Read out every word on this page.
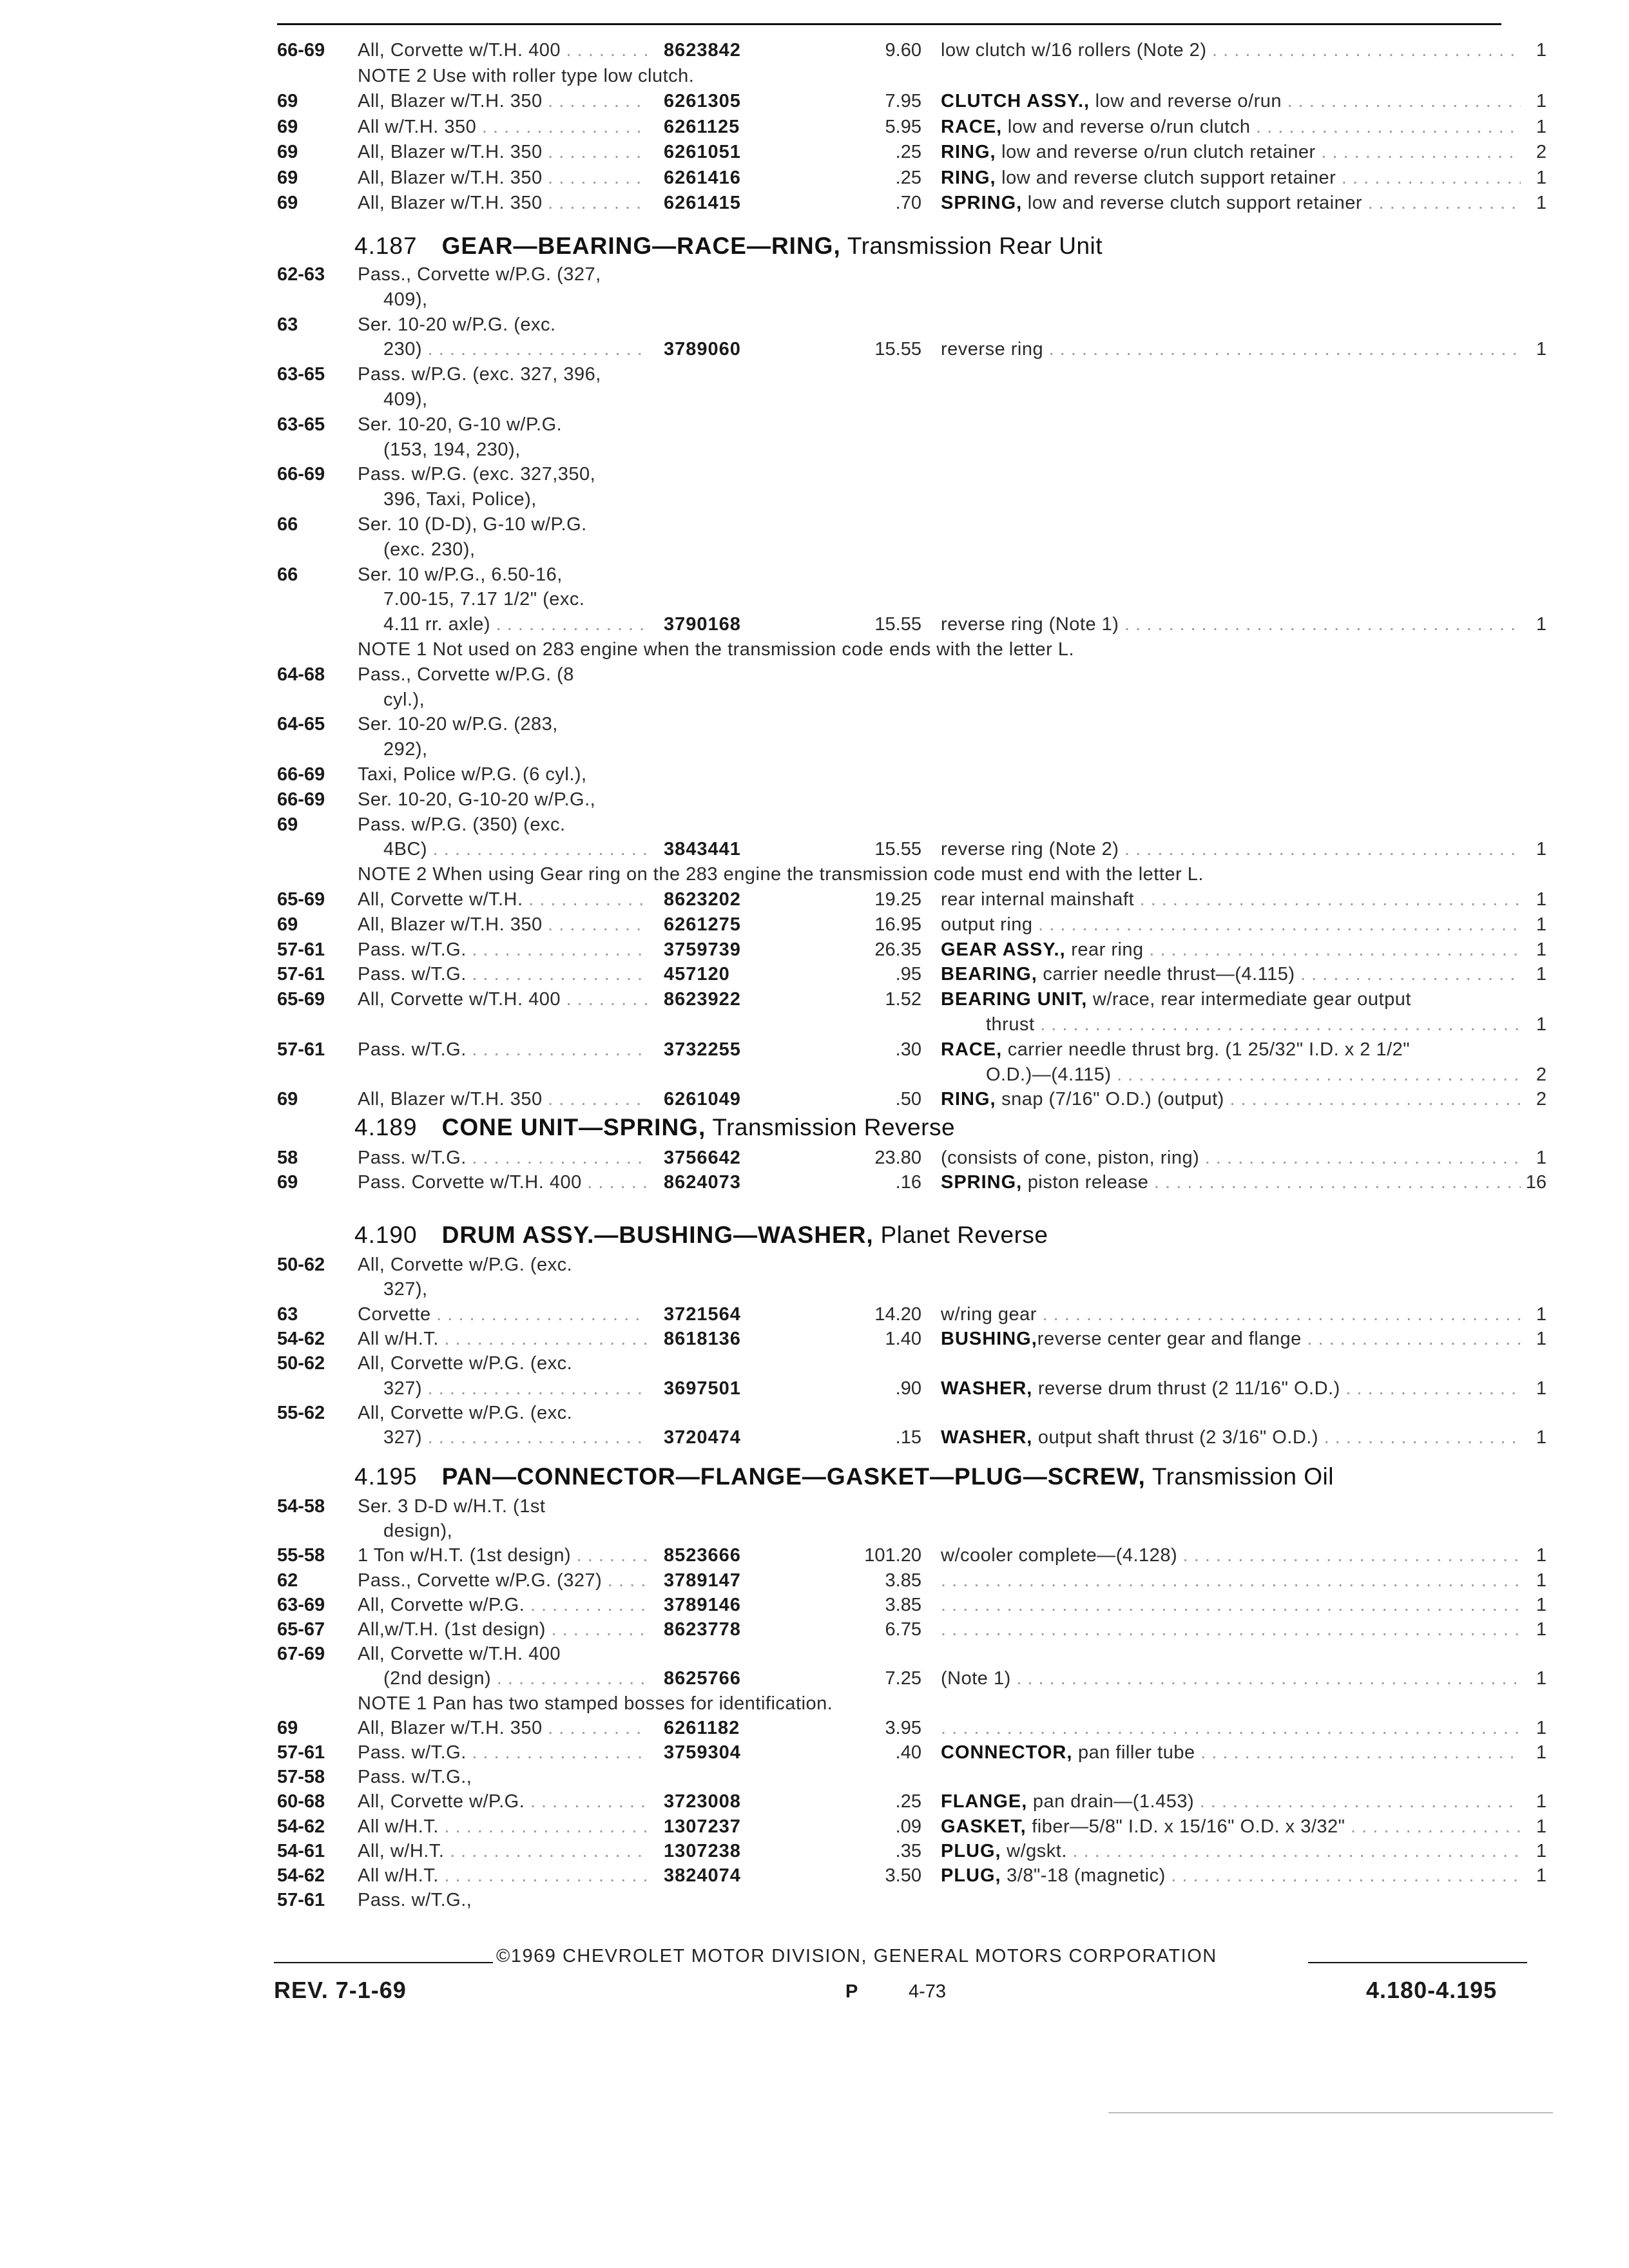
66-69	All, Corvette w/T.H. 400 . . .	8623842	9.60 low clutch w/16 rollers (Note 2) . . .	1
NOTE 2 Use with roller type low clutch.
69	All, Blazer w/T.H. 350 . . .	6261305	7.95 CLUTCH ASSY., low and reverse o/run . . .	1
69	All w/T.H. 350 . . .	6261125	5.95 RACE, low and reverse o/run clutch . . .	1
69	All, Blazer w/T.H. 350 . . .	6261051	.25 RING, low and reverse o/run clutch retainer . . .	2
69	All, Blazer w/T.H. 350 . . .	6261416	.25 RING, low and reverse clutch support retainer . . .	1
69	All, Blazer w/T.H. 350 . . .	6261415	.70 SPRING, low and reverse clutch support retainer . . .	1
4.187 GEAR—BEARING—RACE—RING, Transmission Rear Unit
62-63	Pass., Corvette w/P.G. (327,
409),
63	Ser. 10-20 w/P.G. (exc.
230) . . .	3789060	15.55 reverse ring . . .	1
63-65	Pass. w/P.G. (exc. 327, 396,
409),
63-65	Ser. 10-20, G-10 w/P.G.
(153, 194, 230),
66-69	Pass. w/P.G. (exc. 327,350,
396, Taxi, Police),
66	Ser. 10 (D-D), G-10 w/P.G.
(exc. 230),
66	Ser. 10 w/P.G., 6.50-16,
7.00-15, 7.17 1/2" (exc.
4.11 rr. axle) . . .	3790168	15.55 reverse ring (Note 1) . . .	1
NOTE 1 Not used on 283 engine when the transmission code ends with the letter L.
64-68	Pass., Corvette w/P.G. (8
cyl.),
64-65	Ser. 10-20 w/P.G. (283,
292),
66-69	Taxi, Police w/P.G. (6 cyl.),
66-69	Ser. 10-20, G-10-20 w/P.G.,
69	Pass. w/P.G. (350) (exc.
4BC) . . .	3843441	15.55 reverse ring (Note 2) . . .	1
NOTE 2 When using Gear ring on the 283 engine the transmission code must end with the letter L.
65-69	All, Corvette w/T.H. . . .	8623202	19.25 rear internal mainshaft . . .	1
69	All, Blazer w/T.H. 350 . . .	6261275	16.95 output ring . . .	1
57-61	Pass. w/T.G. . . .	3759739	26.35 GEAR ASSY., rear ring . . .	1
57-61	Pass. w/T.G. . . .	457120	.95 BEARING, carrier needle thrust—(4.115) . . .	1
65-69	All, Corvette w/T.H. 400 . . .	8623922	1.52 BEARING UNIT, w/race, rear intermediate gear output
thrust . . .	1
57-61	Pass. w/T.G. . . .	3732255	.30 RACE, carrier needle thrust brg. (1 25/32" I.D. x 2 1/2"
O.D.)—(4.115) . . .	2
69	All, Blazer w/T.H. 350 . . .	6261049	.50 RING, snap (7/16" O.D.) (output) . . .	2
4.189 CONE UNIT—SPRING, Transmission Reverse
58	Pass. w/T.G. . . .	3756642	23.80 (consists of cone, piston, ring) . . .	1
69	Pass. Corvette w/T.H. 400 . . .	8624073	.16 SPRING, piston release . . .	16
4.190 DRUM ASSY.—BUSHING—WASHER, Planet Reverse
50-62	All, Corvette w/P.G. (exc.
327),
63	Corvette . . .	3721564	14.20 w/ring gear . . .	1
54-62	All w/H.T. . . .	8618136	1.40 BUSHING,reverse center gear and flange . . .	1
50-62	All, Corvette w/P.G. (exc.
327) . . .	3697501	.90 WASHER, reverse drum thrust (2 11/16" O.D.) . . .	1
55-62	All, Corvette w/P.G. (exc.
327) . . .	3720474	.15 WASHER, output shaft thrust (2 3/16" O.D.) . . .	1
4.195 PAN—CONNECTOR—FLANGE—GASKET—PLUG—SCREW, Transmission Oil
54-58	Ser. 3 D-D w/H.T. (1st
design),
55-58	1 Ton w/H.T. (1st design) . . .	8523666	101.20 w/cooler complete—(4.128) . . .	1
62	Pass., Corvette w/P.G. (327) . . .	3789147	3.85 . . .	1
63-69	All, Corvette w/P.G. . . .	3789146	3.85 . . .	1
65-67	All,w/T.H. (1st design) . . .	8623778	6.75 . . .	1
67-69	All, Corvette w/T.H. 400
(2nd design) . . .	8625766	7.25 (Note 1) . . .	1
NOTE 1 Pan has two stamped bosses for identification.
69	All, Blazer w/T.H. 350 . . .	6261182	3.95 . . .	1
57-61	Pass. w/T.G. . . .	3759304	.40 CONNECTOR, pan filler tube . . .	1
57-58	Pass. w/T.G.,
60-68	All, Corvette w/P.G. . . .	3723008	.25 FLANGE, pan drain—(1.453) . . .	1
54-62	All w/H.T. . . .	1307237	.09 GASKET, fiber—5/8" I.D. x 15/16" O.D. x 3/32" . . .	1
54-61	All, w/H.T. . . .	1307238	.35 PLUG, w/gskt. . . .	1
54-62	All w/H.T. . . .	3824074	3.50 PLUG, 3/8"-18 (magnetic) . . .	1
57-61	Pass. w/T.G.,
©1969 CHEVROLET MOTOR DIVISION, GENERAL MOTORS CORPORATION
REV. 7-1-69	P	4-73	4.180-4.195
